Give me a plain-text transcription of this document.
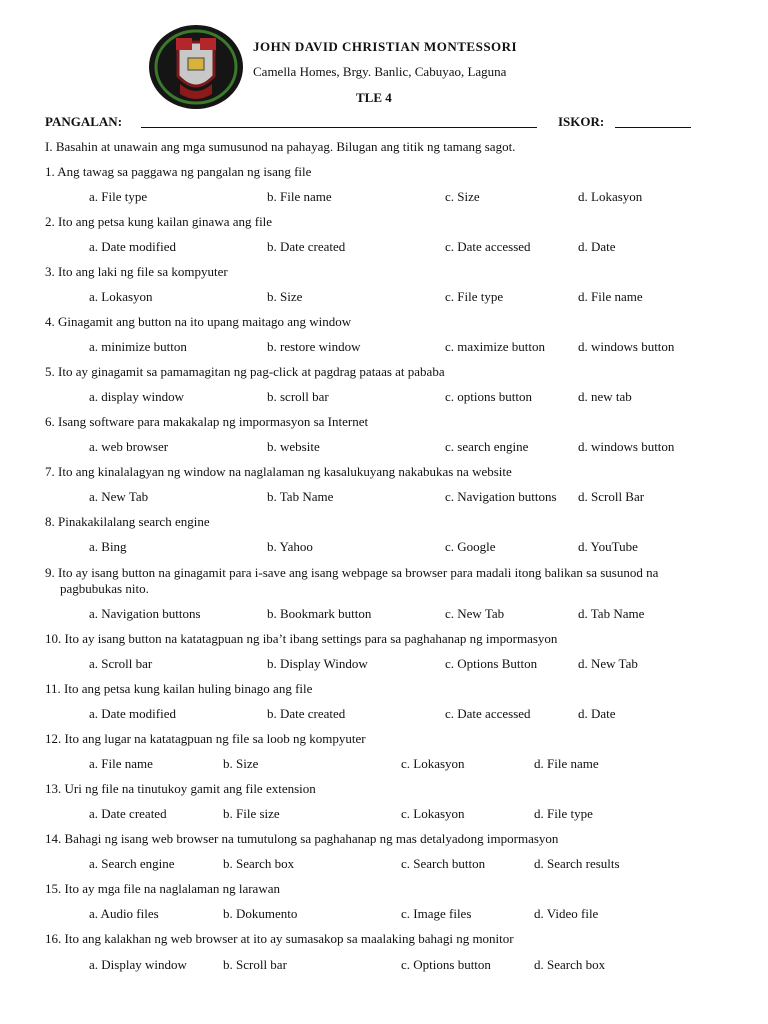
JOHN DAVID CHRISTIAN MONTESSORI
Camella Homes, Brgy. Banlic, Cabuyao, Laguna
TLE 4
PANGALAN:	ISKOR:
I. Basahin at unawain ang mga sumusunod na pahayag. Bilugan ang titik ng tamang sagot.
1. Ang tawag sa paggawa ng pangalan ng isang file
a. File type	b. File name	c. Size	d. Lokasyon
2. Ito ang petsa kung kailan ginawa ang file
a. Date modified	b. Date created	c. Date accessed	d. Date
3. Ito ang laki ng file sa kompyuter
a. Lokasyon	b. Size	c. File type	d. File name
4. Ginagamit ang button na ito upang maitago ang window
a. minimize button	b. restore window	c. maximize button	d. windows button
5. Ito ay ginagamit sa pamamagitan ng pag-click at pagdrag pataas at pababa
a. display window	b. scroll bar	c. options button	d. new tab
6. Isang software para makakalap ng impormasyon sa Internet
a. web browser	b. website	c. search engine	d. windows button
7. Ito ang kinalalagyan ng window na naglalaman ng kasalukuyang nakabukas na website
a. New Tab	b. Tab Name	c. Navigation buttons d. Scroll Bar
8. Pinakakilalang search engine
a. Bing	b. Yahoo	c. Google	d. YouTube
9. Ito ay isang button na ginagamit para i-save ang isang webpage sa browser para madali itong balikan sa susunod na
pagbubukas nito.
a. Navigation buttons	b. Bookmark button	c. New Tab	d. Tab Name
10. Ito ay isang button na katatagpuan ng iba’t ibang settings para sa paghahanap ng impormasyon
a. Scroll bar	b. Display Window	c. Options Button	d. New Tab
11. Ito ang petsa kung kailan huling binago ang file
a. Date modified	b. Date created	c. Date accessed	d. Date
12. Ito ang lugar na katatagpuan ng file sa loob ng kompyuter
a. File name	b. Size	c. Lokasyon	d. File name
13. Uri ng file na tinutukoy gamit ang file extension
a. Date created	b. File size	c. Lokasyon	d. File type
14. Bahagi ng isang web browser na tumutulong sa paghahanap ng mas detalyadong impormasyon
a. Search engine	b. Search box	c. Search button	d. Search results
15. Ito ay mga file na naglalaman ng larawan
a. Audio files	b. Dokumento	c. Image files	d. Video file
16. Ito ang kalakhan ng web browser at ito ay sumasakop sa maalaking bahagi ng monitor
a. Display window	b. Scroll bar	c. Options button	d. Search box
